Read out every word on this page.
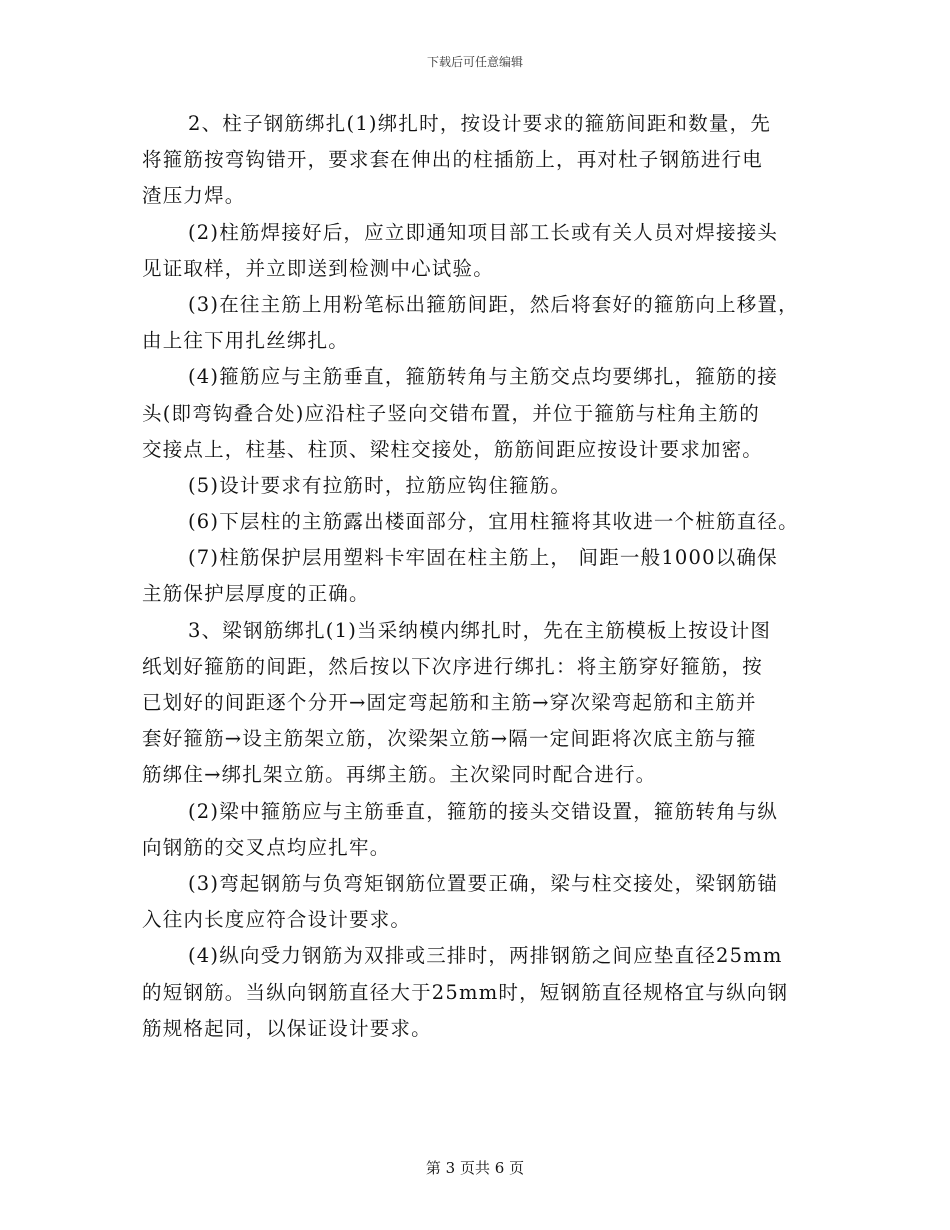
下载后可任意编辑
2、柱子钢筋绑扎(1)绑扎时，按设计要求的箍筋间距和数量，先
将箍筋按弯钩错开，要求套在伸出的柱插筋上，再对杜子钢筋进行电
渣压力焊。
(2)柱筋焊接好后，应立即通知项目部工长或有关人员对焊接接头
见证取样，并立即送到检测中心试验。
(3)在往主筋上用粉笔标出箍筋间距，然后将套好的箍筋向上移置，
由上往下用扎丝绑扎。
(4)箍筋应与主筋垂直，箍筋转角与主筋交点均要绑扎，箍筋的接
头(即弯钩叠合处)应沿柱子竖向交错布置，并位于箍筋与柱角主筋的
交接点上，柱基、柱顶、梁柱交接处，筋筋间距应按设计要求加密。
(5)设计要求有拉筋时，拉筋应钩住箍筋。
(6)下层柱的主筋露出楼面部分，宜用柱箍将其收进一个桩筋直径。
(7)柱筋保护层用塑料卡牢固在柱主筋上， 间距一般1000以确保
主筋保护层厚度的正确。
3、梁钢筋绑扎(1)当采纳模内绑扎时，先在主筋模板上按设计图
纸划好箍筋的间距，然后按以下次序进行绑扎：将主筋穿好箍筋，按
已划好的间距逐个分开→固定弯起筋和主筋→穿次梁弯起筋和主筋并
套好箍筋→设主筋架立筋，次梁架立筋→隔一定间距将次底主筋与箍
筋绑住→绑扎架立筋。再绑主筋。主次梁同时配合进行。
(2)梁中箍筋应与主筋垂直，箍筋的接头交错设置，箍筋转角与纵
向钢筋的交叉点均应扎牢。
(3)弯起钢筋与负弯矩钢筋位置要正确，梁与柱交接处，梁钢筋锚
入往内长度应符合设计要求。
(4)纵向受力钢筋为双排或三排时，两排钢筋之间应垫直径25mm
的短钢筋。当纵向钢筋直径大于25mm时，短钢筋直径规格宜与纵向钢
筋规格起同，以保证设计要求。
第 3 页共 6 页
